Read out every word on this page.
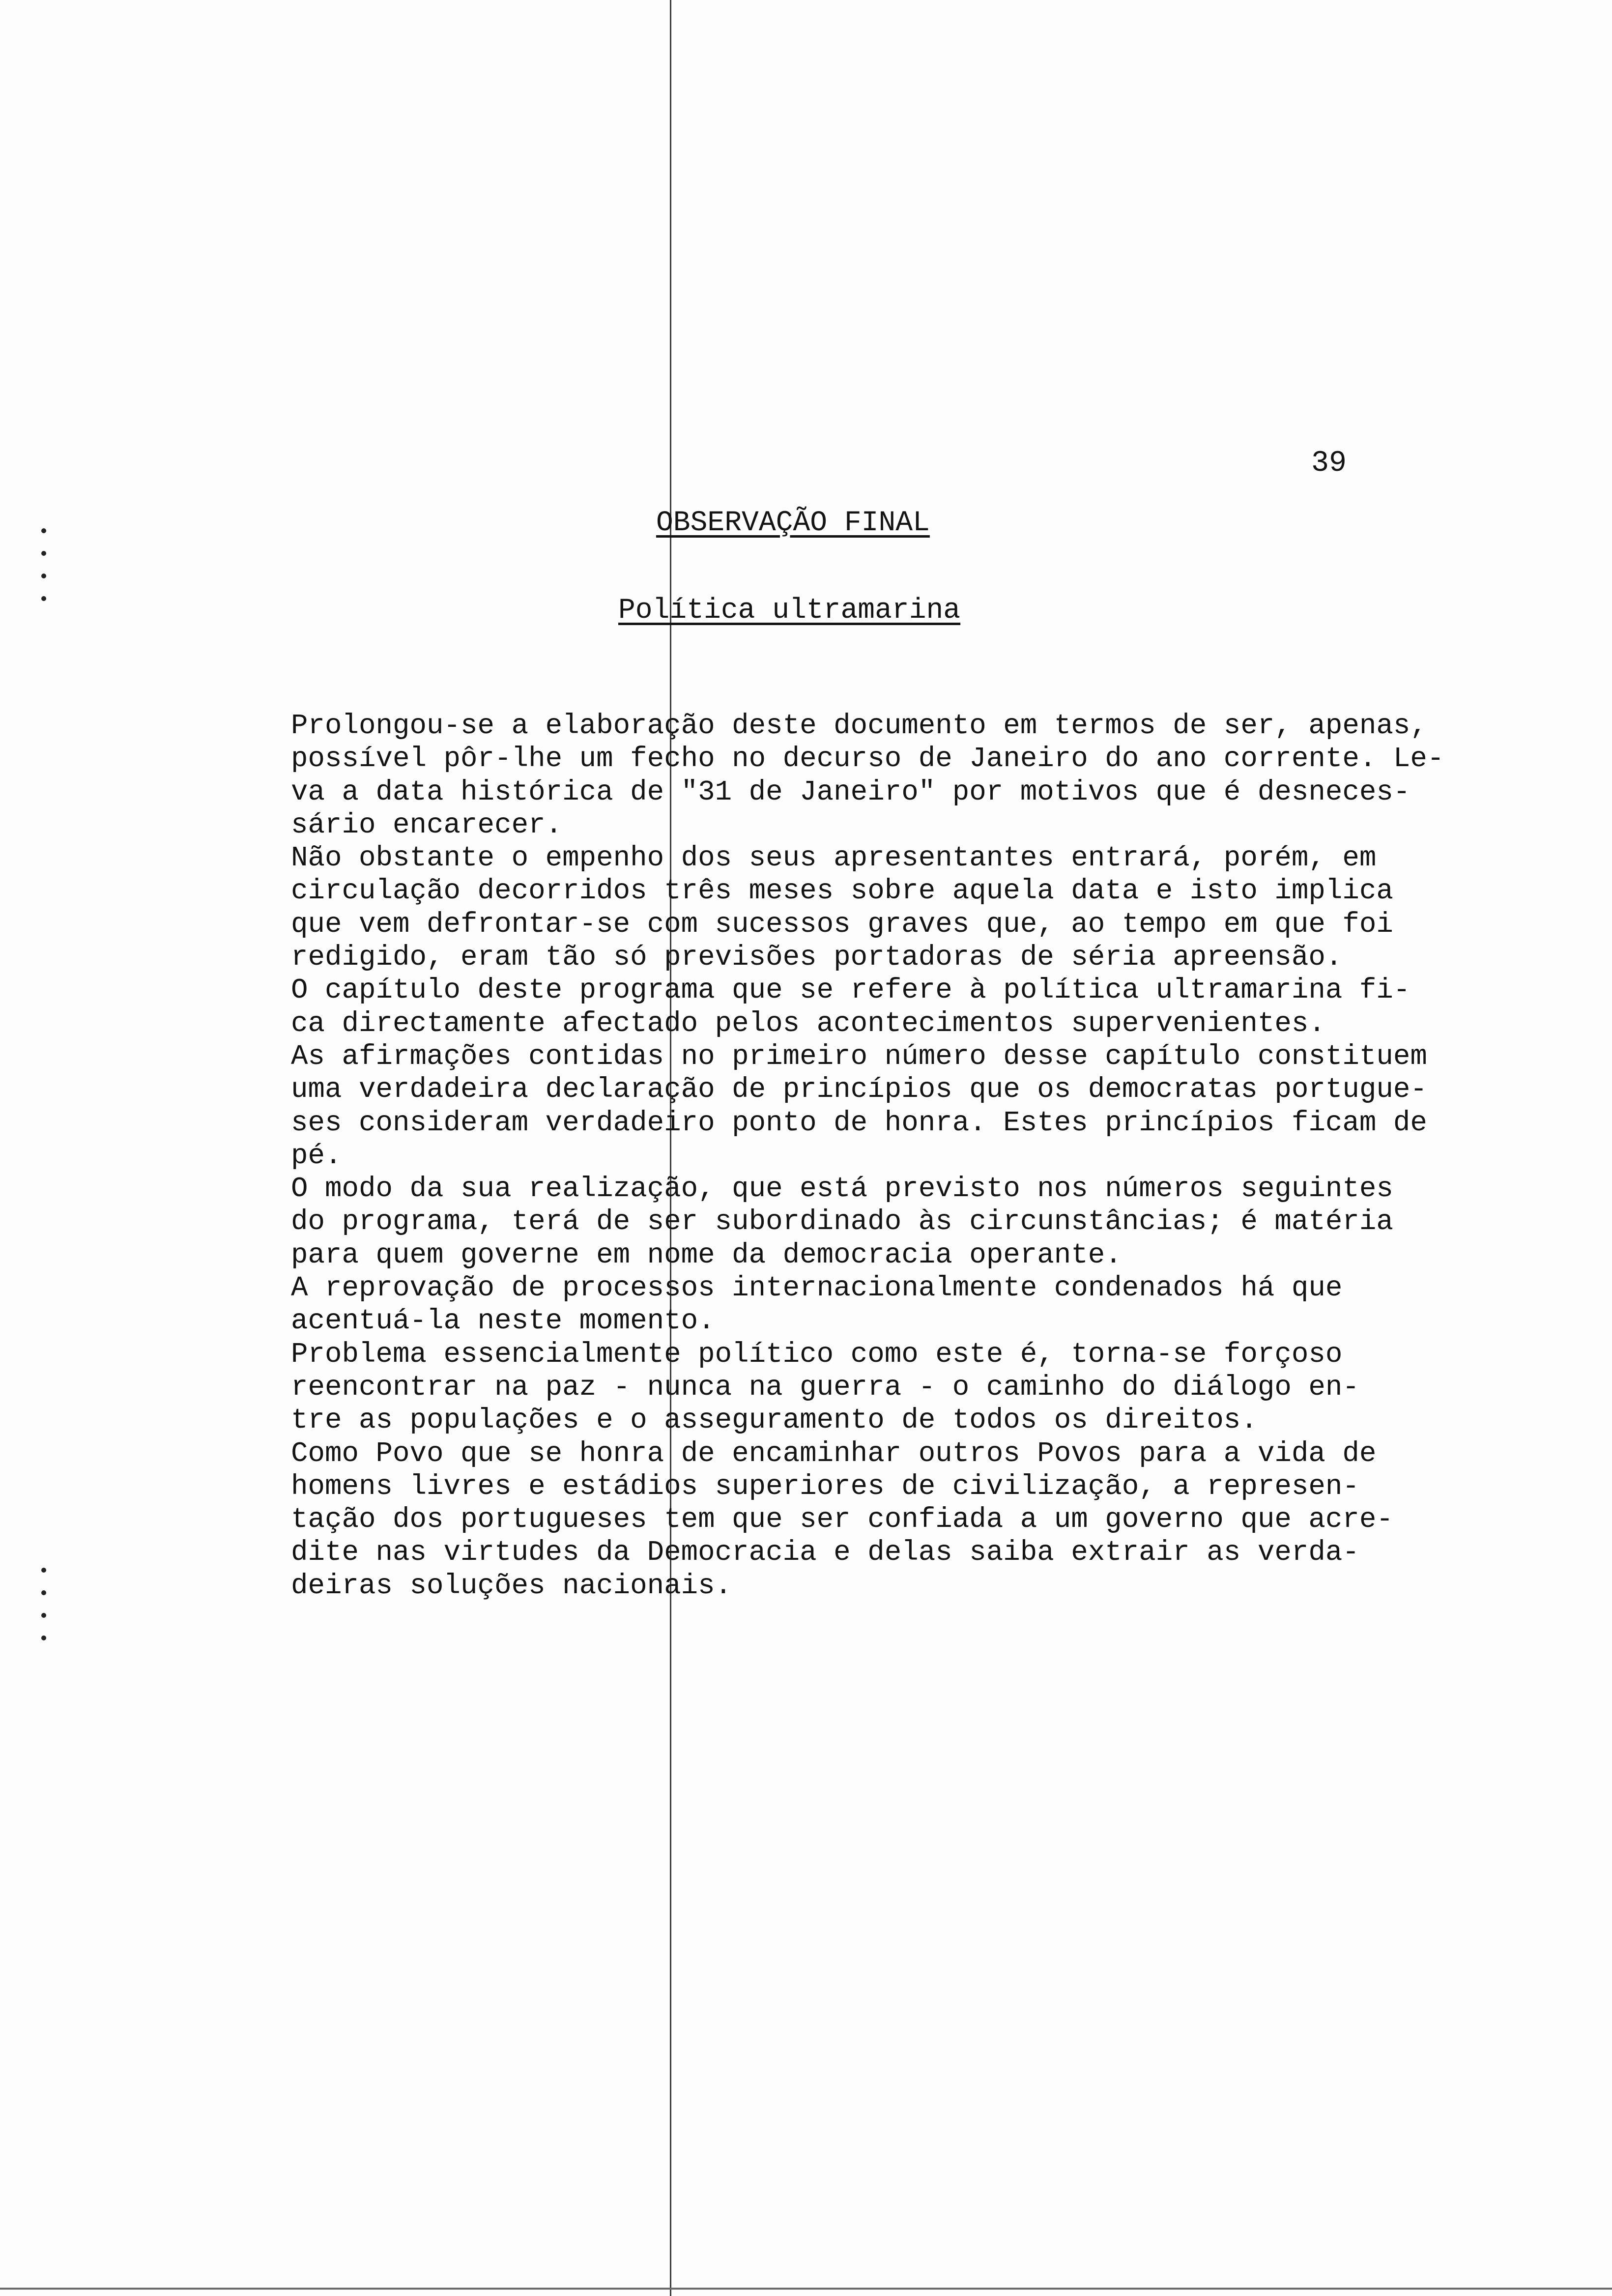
39
OBSERVAÇÃO FINAL
Política ultramarina
Prolongou-se a elaboração deste documento em termos de ser, apenas,
possível pôr-lhe um fecho no decurso de Janeiro do ano corrente. Le-
va a data histórica de "31 de Janeiro" por motivos que é desneces-
sário encarecer.
Não obstante o empenho dos seus apresentantes entrará, porém, em
circulação decorridos três meses sobre aquela data e isto implica
que vem defrontar-se com sucessos graves que, ao tempo em que foi
redigido, eram tão só previsões portadoras de séria apreensão.
O capítulo deste programa que se refere à política ultramarina fi-
ca directamente afectado pelos acontecimentos supervenientes.
As afirmações contidas no primeiro número desse capítulo constituem
uma verdadeira declaração de princípios que os democratas portugue-
ses consideram verdadeiro ponto de honra. Estes princípios ficam de
pé.
O modo da sua realização, que está previsto nos números seguintes
do programa, terá de ser subordinado às circunstâncias; é matéria
para quem governe em nome da democracia operante.
A reprovação de processos internacionalmente condenados há que
acentuá-la neste momento.
Problema essencialmente político como este é, torna-se forçoso
reencontrar na paz - nunca na guerra - o caminho do diálogo en-
tre as populações e o asseguramento de todos os direitos.
Como Povo que se honra de encaminhar outros Povos para a vida de
homens livres e estádios superiores de civilização, a represen-
tação dos portugueses tem que ser confiada a um governo que acre-
dite nas virtudes da Democracia e delas saiba extrair as verda-
deiras soluções nacionais.
